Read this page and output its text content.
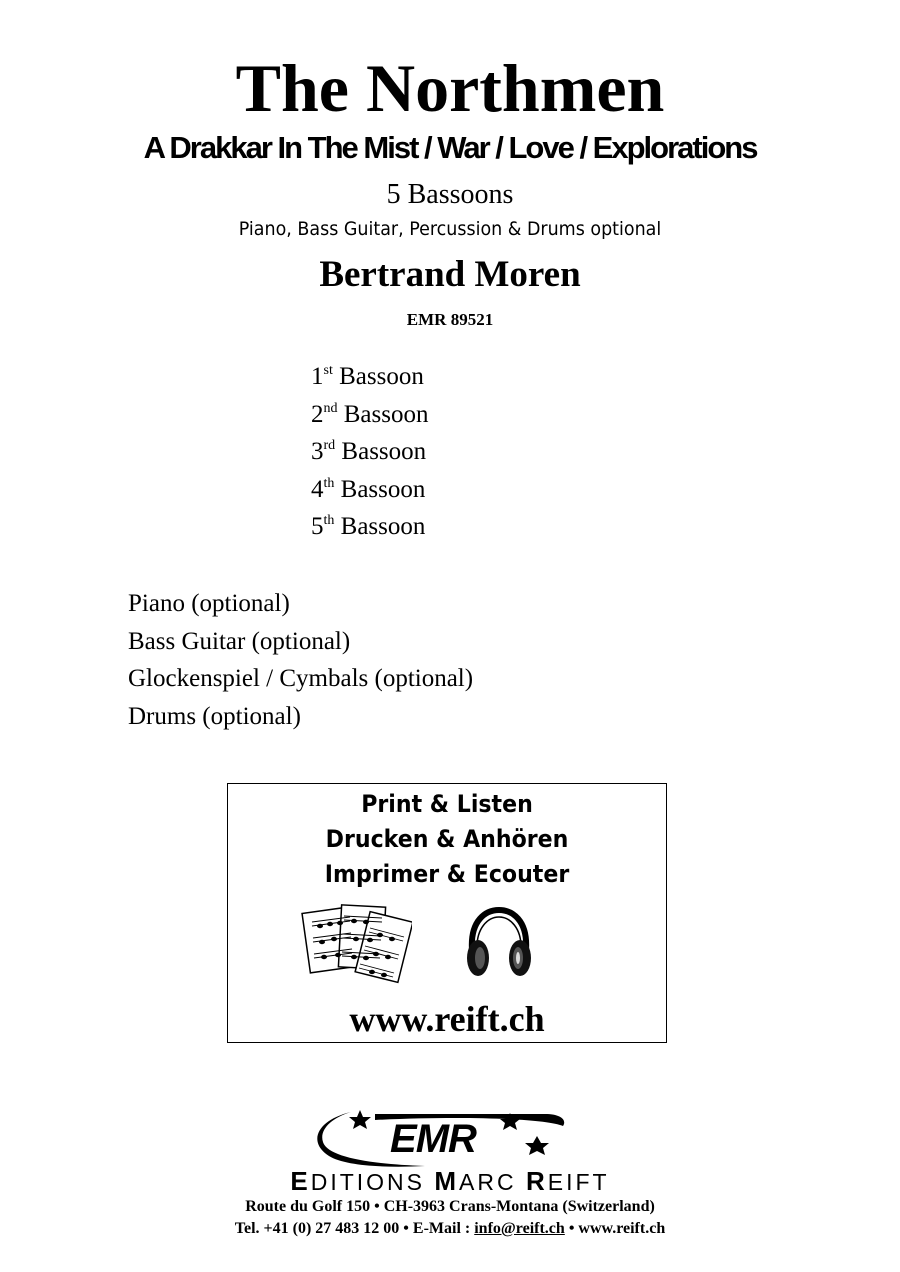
The Northmen
A Drakkar In The Mist / War / Love / Explorations
5 Bassoons
Piano, Bass Guitar, Percussion & Drums optional
Bertrand Moren
EMR 89521
1st Bassoon
2nd Bassoon
3rd Bassoon
4th Bassoon
5th Bassoon
Piano (optional)
Bass Guitar (optional)
Glockenspiel / Cymbals (optional)
Drums (optional)
Print & Listen
Drucken & Anhören
Imprimer & Ecouter
www.reift.ch
EMR
EDITIONS MARC REIFT
Route du Golf 150 • CH-3963 Crans-Montana (Switzerland)
Tel. +41 (0) 27 483 12 00 • E-Mail : info@reift.ch • www.reift.ch
